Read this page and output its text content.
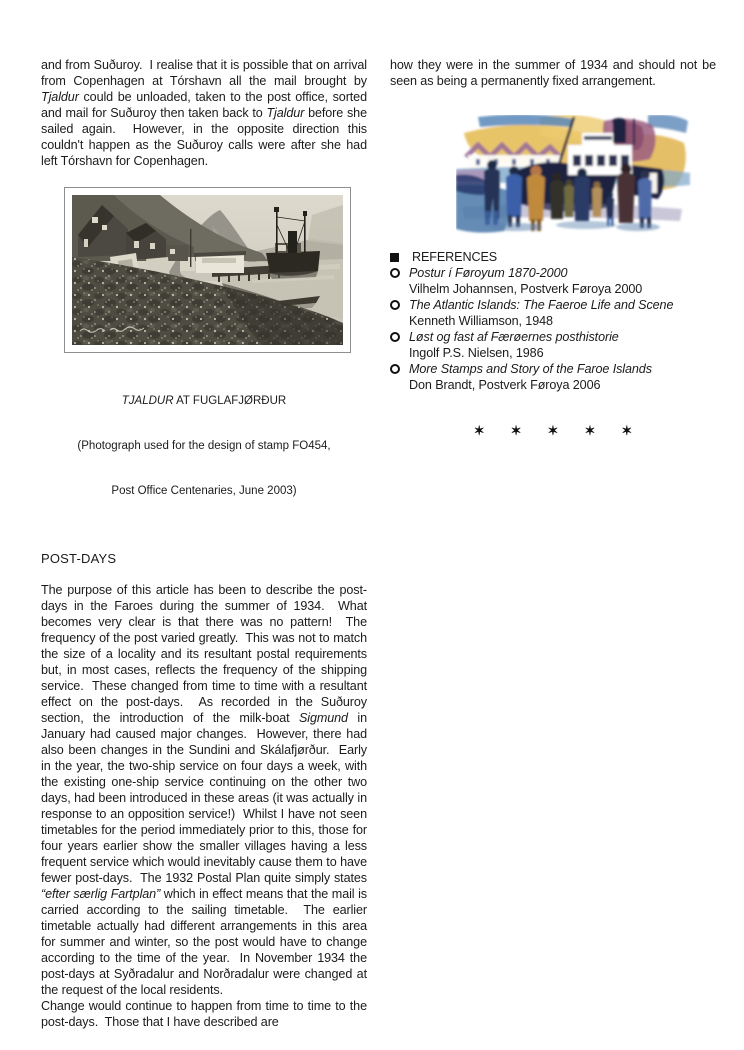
and from Suðuroy.  I realise that it is possible that on arrival from Copenhagen at Tórshavn all the mail brought by Tjaldur could be unloaded, taken to the post office, sorted and mail for Suðuroy then taken back to Tjaldur before she sailed again.  However, in the opposite direction this couldn't happen as the Suðuroy calls were after she had left Tórshavn for Copenhagen.

TJALDUR AT FUGLAFJØRÐUR

(Photograph used for the design of stamp FO454,

Post Office Centenaries, June 2003)

POST-DAYS

The purpose of this article has been to describe the post-days in the Faroes during the summer of 1934.  What becomes very clear is that there was no pattern!  The frequency of the post varied greatly.  This was not to match the size of a locality and its resultant postal requirements but, in most cases, reflects the frequency of the shipping service.  These changed from time to time with a resultant effect on the post-days.  As recorded in the Suðuroy section, the introduction of the milk-boat Sigmund in January had caused major changes.  However, there had also been changes in the Sundini and Skálafjørður.  Early in the year, the two-ship service on four days a week, with the existing one-ship service continuing on the other two days, had been introduced in these areas (it was actually in response to an opposition service!)  Whilst I have not seen timetables for the period immediately prior to this, those for four years earlier show the smaller villages having a less frequent service which would inevitably cause them to have fewer post-days.  The 1932 Postal Plan quite simply states “efter særlig Fartplan” which in effect means that the mail is carried according to the sailing timetable.  The earlier timetable actually had different arrangements in this area for summer and winter, so the post would have to change according to the time of the year.  In November 1934 the post-days at Syðradalur and Norðradalur were changed at the request of the local residents.

Change would continue to happen from time to time to the post-days.  Those that I have described are

how they were in the summer of 1934 and should not be seen as being a permanently fixed arrangement.

REFERENCES
Postur í Føroyum 1870-2000
Vilhelm Johannsen, Postverk Føroya 2000
The Atlantic Islands: The Faeroe Life and Scene
Kenneth Williamson, 1948
Løst og fast af Færøernes posthistorie
Ingolf P.S. Nielsen, 1986
More Stamps and Story of the Faroe Islands
Don Brandt, Postverk Føroya 2006
✶ ✶ ✶ ✶ ✶
